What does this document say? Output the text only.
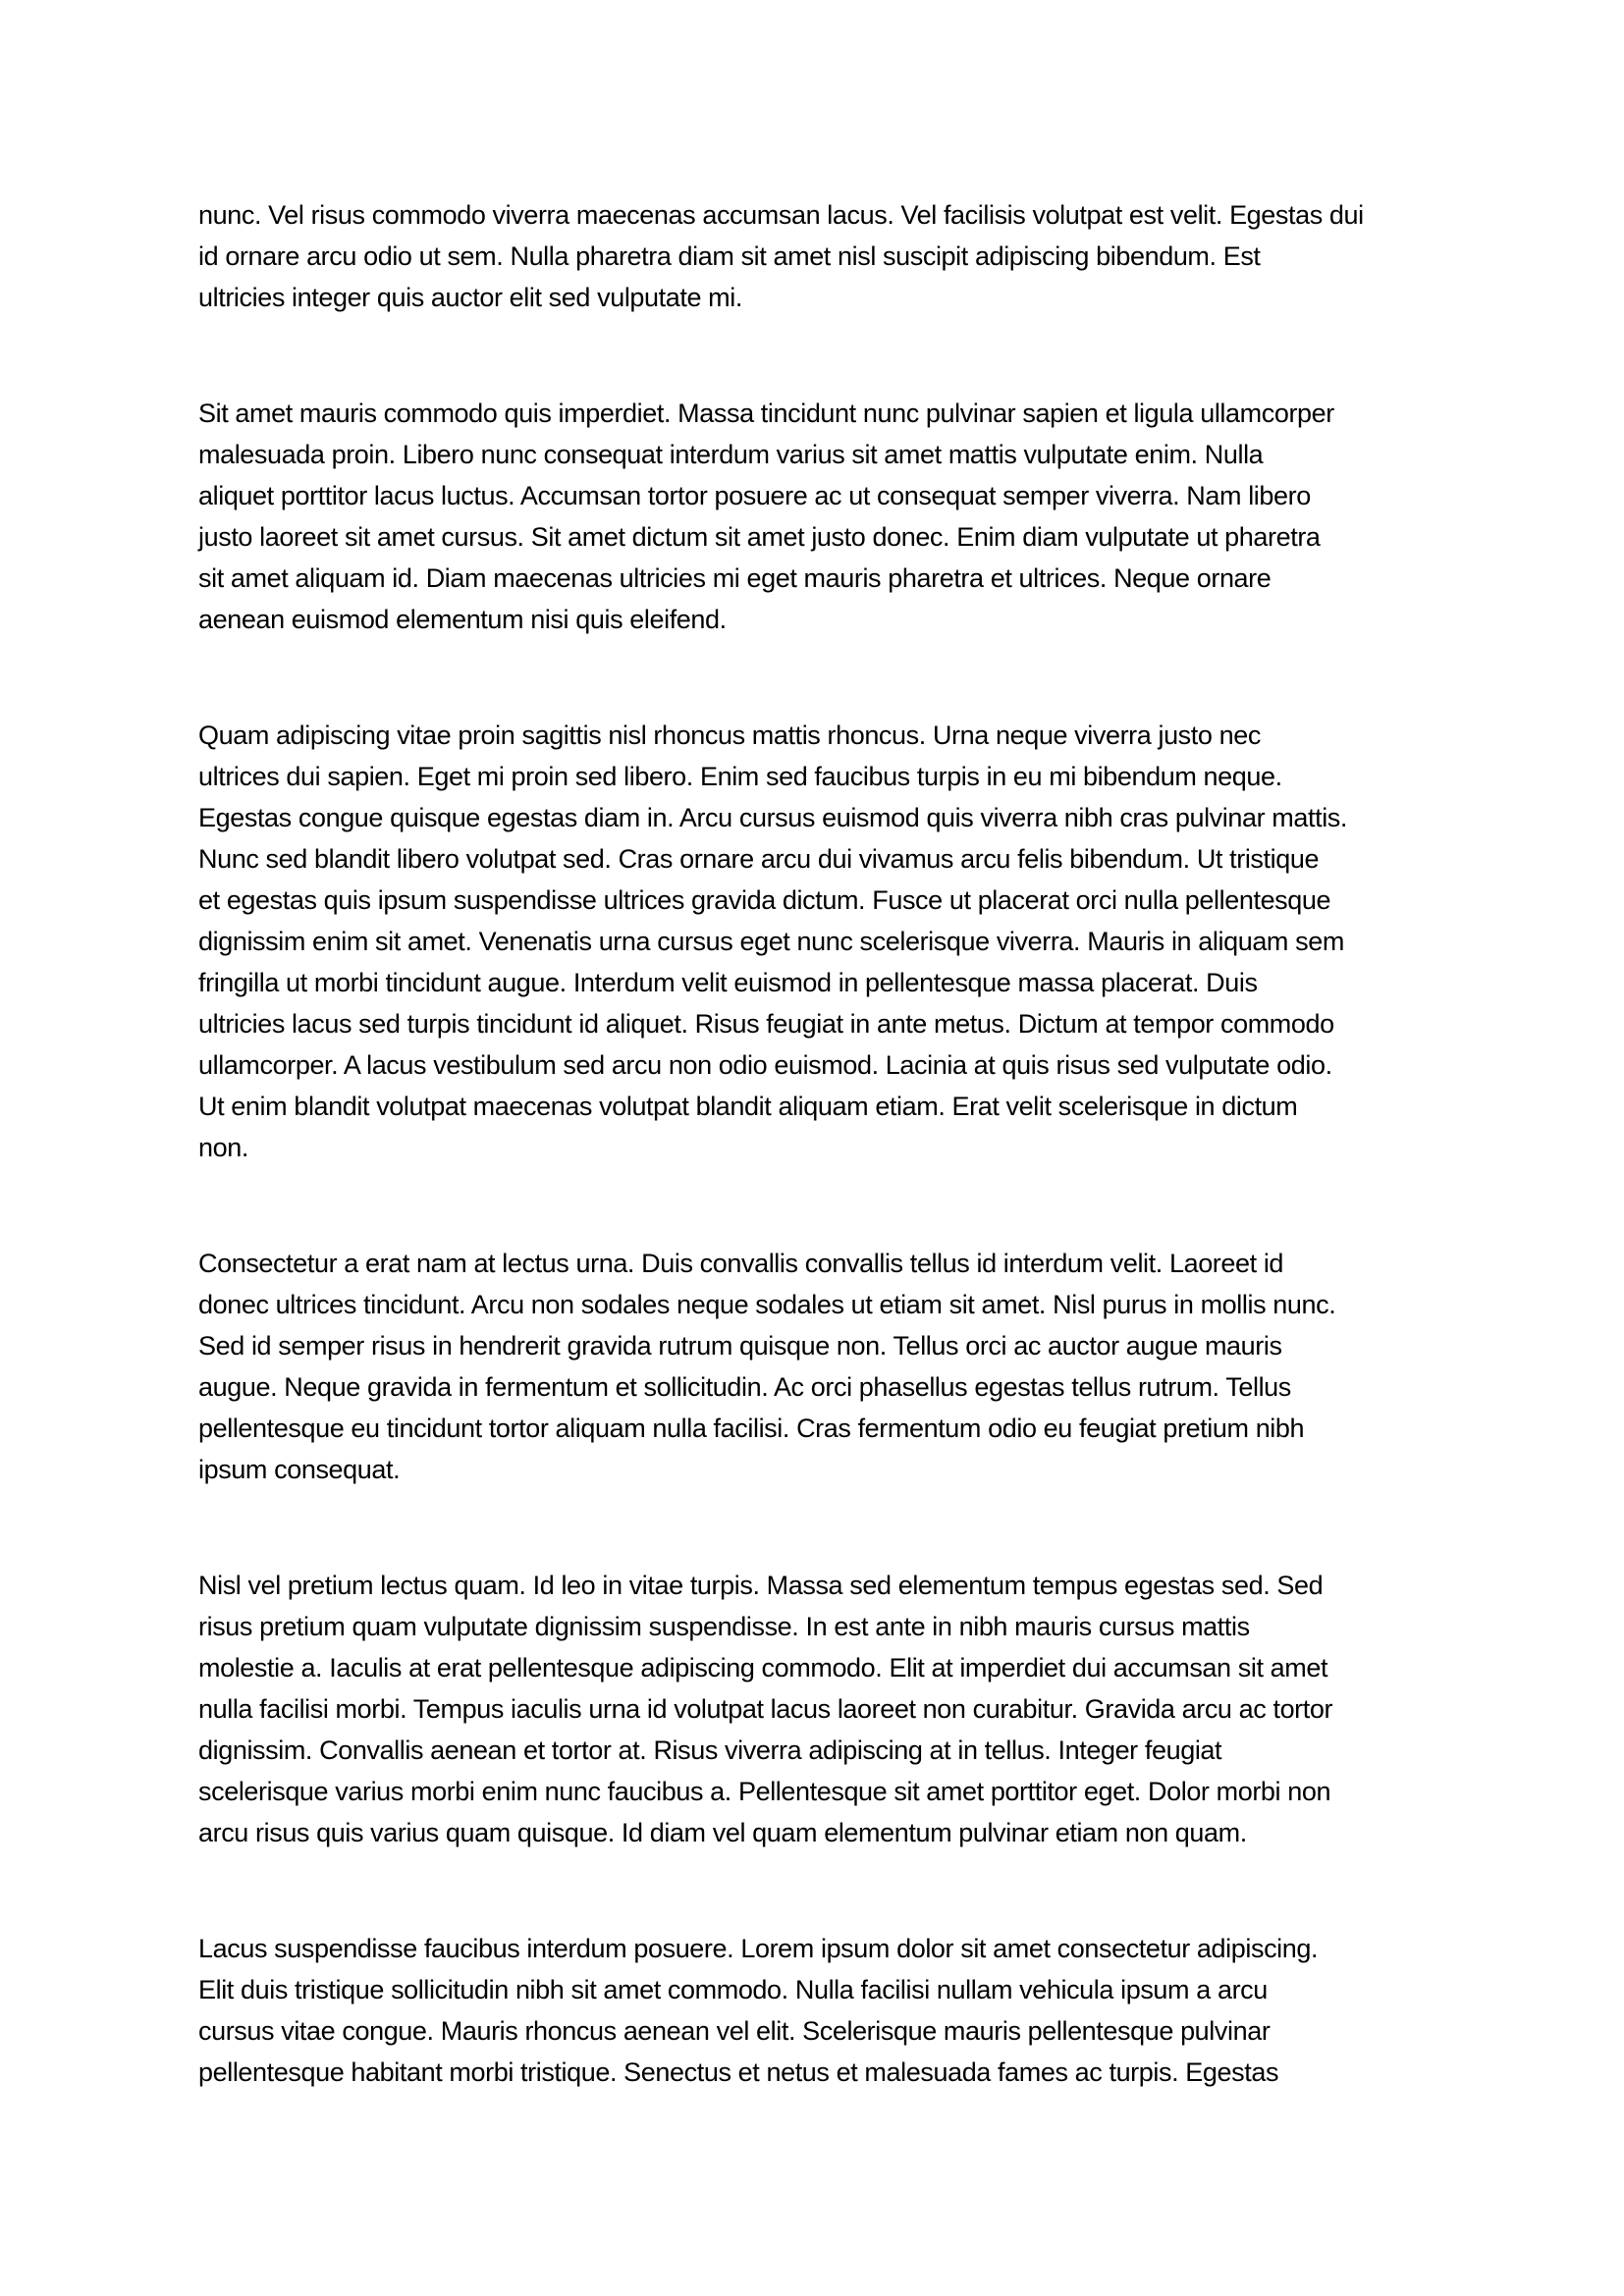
nunc. Vel risus commodo viverra maecenas accumsan lacus. Vel facilisis volutpat est velit. Egestas dui
id ornare arcu odio ut sem. Nulla pharetra diam sit amet nisl suscipit adipiscing bibendum. Est
ultricies integer quis auctor elit sed vulputate mi.

Sit amet mauris commodo quis imperdiet. Massa tincidunt nunc pulvinar sapien et ligula ullamcorper
malesuada proin. Libero nunc consequat interdum varius sit amet mattis vulputate enim. Nulla
aliquet porttitor lacus luctus. Accumsan tortor posuere ac ut consequat semper viverra. Nam libero
justo laoreet sit amet cursus. Sit amet dictum sit amet justo donec. Enim diam vulputate ut pharetra
sit amet aliquam id. Diam maecenas ultricies mi eget mauris pharetra et ultrices. Neque ornare
aenean euismod elementum nisi quis eleifend.

Quam adipiscing vitae proin sagittis nisl rhoncus mattis rhoncus. Urna neque viverra justo nec
ultrices dui sapien. Eget mi proin sed libero. Enim sed faucibus turpis in eu mi bibendum neque.
Egestas congue quisque egestas diam in. Arcu cursus euismod quis viverra nibh cras pulvinar mattis.
Nunc sed blandit libero volutpat sed. Cras ornare arcu dui vivamus arcu felis bibendum. Ut tristique
et egestas quis ipsum suspendisse ultrices gravida dictum. Fusce ut placerat orci nulla pellentesque
dignissim enim sit amet. Venenatis urna cursus eget nunc scelerisque viverra. Mauris in aliquam sem
fringilla ut morbi tincidunt augue. Interdum velit euismod in pellentesque massa placerat. Duis
ultricies lacus sed turpis tincidunt id aliquet. Risus feugiat in ante metus. Dictum at tempor commodo
ullamcorper. A lacus vestibulum sed arcu non odio euismod. Lacinia at quis risus sed vulputate odio.
Ut enim blandit volutpat maecenas volutpat blandit aliquam etiam. Erat velit scelerisque in dictum
non.

Consectetur a erat nam at lectus urna. Duis convallis convallis tellus id interdum velit. Laoreet id
donec ultrices tincidunt. Arcu non sodales neque sodales ut etiam sit amet. Nisl purus in mollis nunc.
Sed id semper risus in hendrerit gravida rutrum quisque non. Tellus orci ac auctor augue mauris
augue. Neque gravida in fermentum et sollicitudin. Ac orci phasellus egestas tellus rutrum. Tellus
pellentesque eu tincidunt tortor aliquam nulla facilisi. Cras fermentum odio eu feugiat pretium nibh
ipsum consequat.

Nisl vel pretium lectus quam. Id leo in vitae turpis. Massa sed elementum tempus egestas sed. Sed
risus pretium quam vulputate dignissim suspendisse. In est ante in nibh mauris cursus mattis
molestie a. Iaculis at erat pellentesque adipiscing commodo. Elit at imperdiet dui accumsan sit amet
nulla facilisi morbi. Tempus iaculis urna id volutpat lacus laoreet non curabitur. Gravida arcu ac tortor
dignissim. Convallis aenean et tortor at. Risus viverra adipiscing at in tellus. Integer feugiat
scelerisque varius morbi enim nunc faucibus a. Pellentesque sit amet porttitor eget. Dolor morbi non
arcu risus quis varius quam quisque. Id diam vel quam elementum pulvinar etiam non quam.

Lacus suspendisse faucibus interdum posuere. Lorem ipsum dolor sit amet consectetur adipiscing.
Elit duis tristique sollicitudin nibh sit amet commodo. Nulla facilisi nullam vehicula ipsum a arcu
cursus vitae congue. Mauris rhoncus aenean vel elit. Scelerisque mauris pellentesque pulvinar
pellentesque habitant morbi tristique. Senectus et netus et malesuada fames ac turpis. Egestas
